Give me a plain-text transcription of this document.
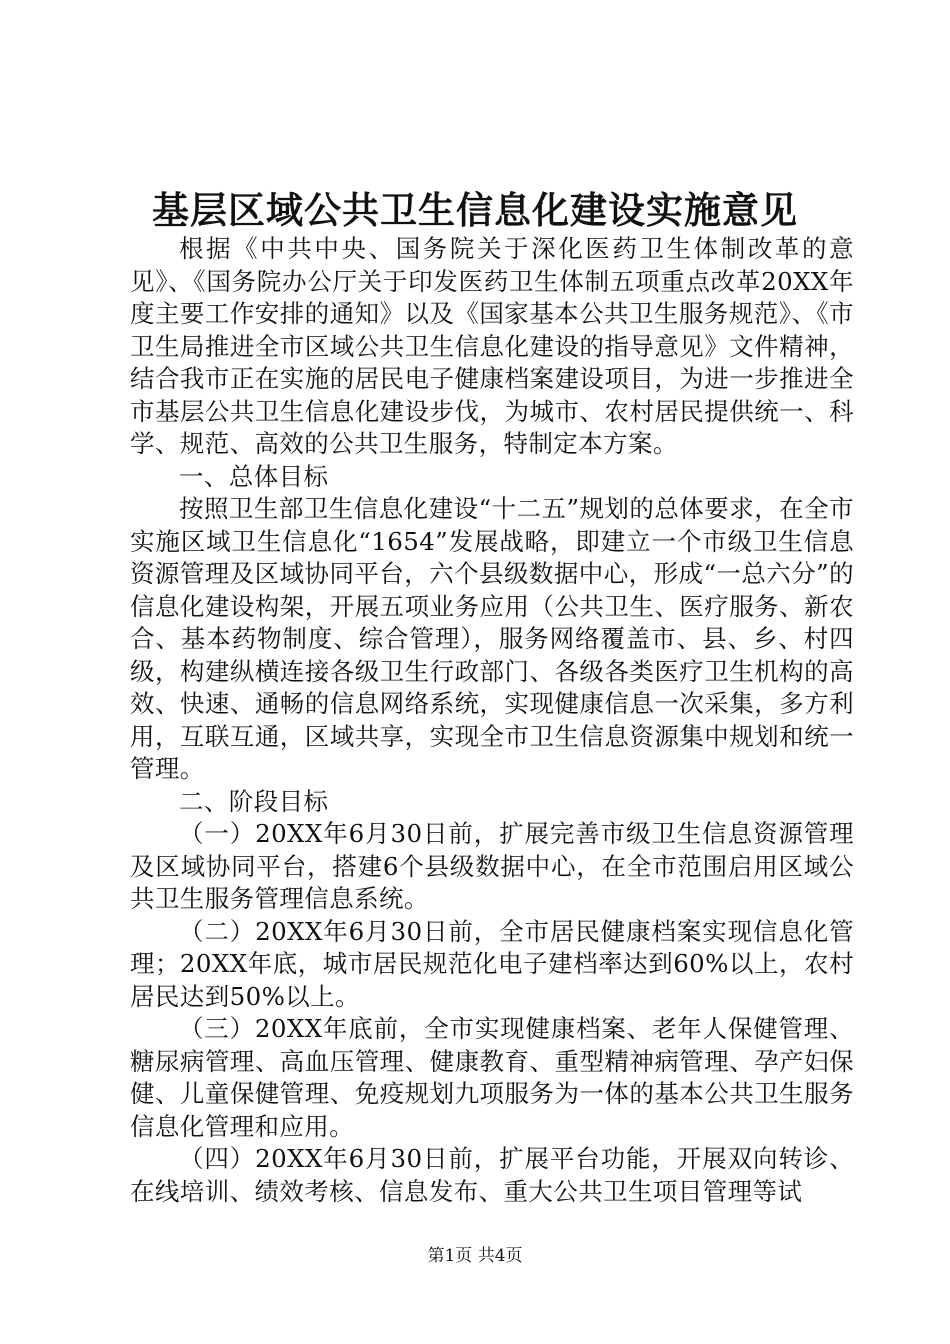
基层区域公共卫生信息化建设实施意见

根据《中共中央、国务院关于深化医药卫生体制改革的意见》、《国务院办公厅关于印发医药卫生体制五项重点改革20XX年度主要工作安排的通知》以及《国家基本公共卫生服务规范》、《市卫生局推进全市区域公共卫生信息化建设的指导意见》文件精神，结合我市正在实施的居民电子健康档案建设项目，为进一步推进全市基层公共卫生信息化建设步伐，为城市、农村居民提供统一、科学、规范、高效的公共卫生服务，特制定本方案。

一、总体目标

按照卫生部卫生信息化建设“十二五”规划的总体要求，在全市实施区域卫生信息化“1654”发展战略，即建立一个市级卫生信息资源管理及区域协同平台，六个县级数据中心，形成“一总六分”的信息化建设构架，开展五项业务应用（公共卫生、医疗服务、新农合、基本药物制度、综合管理），服务网络覆盖市、县、乡、村四级，构建纵横连接各级卫生行政部门、各级各类医疗卫生机构的高效、快速、通畅的信息网络系统，实现健康信息一次采集，多方利用，互联互通，区域共享，实现全市卫生信息资源集中规划和统一管理。

二、阶段目标

（一）20XX年6月30日前，扩展完善市级卫生信息资源管理及区域协同平台，搭建6个县级数据中心，在全市范围启用区域公共卫生服务管理信息系统。

（二）20XX年6月30日前，全市居民健康档案实现信息化管理；20XX年底，城市居民规范化电子建档率达到60%以上，农村居民达到50%以上。

（三）20XX年底前，全市实现健康档案、老年人保健管理、糖尿病管理、高血压管理、健康教育、重型精神病管理、孕产妇保健、儿童保健管理、免疫规划九项服务为一体的基本公共卫生服务信息化管理和应用。

（四）20XX年6月30日前，扩展平台功能，开展双向转诊、在线培训、绩效考核、信息发布、重大公共卫生项目管理等试

第1页 共4页
